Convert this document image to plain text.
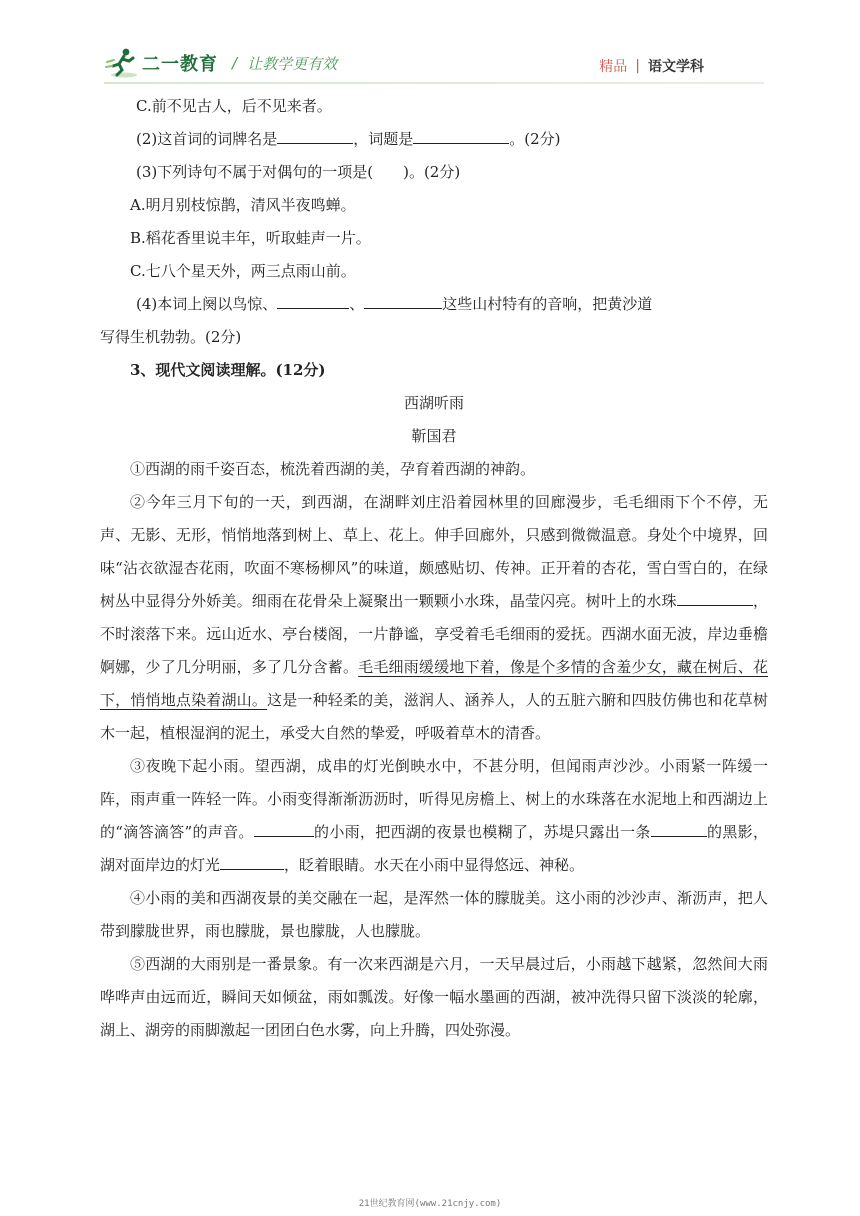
二一教育 / 让教学更有效	精品 | 语文学科
C.前不见古人，后不见来者。
(2)这首词的词牌名是	，词题是	。(2分)
(3)下列诗句不属于对偶句的一项是(　　)。(2分)
A.明月别枝惊鹊，清风半夜鸣蝉。
B.稻花香里说丰年，听取蛙声一片。
C.七八个星天外，两三点雨山前。
(4)本词上阕以鸟惊、	、	这些山村特有的音响，把黄沙道
写得生机勃勃。(2分)
3、现代文阅读理解。(12分)
西湖听雨
靳国君
①西湖的雨千姿百态，梳洗着西湖的美，孕育着西湖的神韵。
②今年三月下旬的一天，到西湖，在湖畔刘庄沿着园林里的回廊漫步，毛毛细雨下个不停，无声、无影、无形，悄悄地落到树上、草上、花上。伸手回廊外，只感到微微温意。身处个中境界，回味“沾衣欲湿杏花雨，吹面不寒杨柳风”的味道，颇感贴切、传神。正开着的杏花，雪白雪白的，在绿树丛中显得分外娇美。细雨在花骨朵上凝聚出一颗颗小水珠，晶莹闪亮。树叶上的水珠	，不时滚落下来。远山近水、亭台楼阁，一片静谧，享受着毛毛细雨的爱抚。西湖水面无波，岸边垂檐婀娜，少了几分明丽，多了几分含蓄。毛毛细雨缓缓地下着，像是个多情的含羞少女，藏在树后、花下，悄悄地点染着湖山。这是一种轻柔的美，滋润人、涵养人，人的五脏六腑和四肢仿佛也和花草树木一起，植根湿润的泥土，承受大自然的挚爱，呼吸着草木的清香。
③夜晚下起小雨。望西湖，成串的灯光倒映水中，不甚分明，但闻雨声沙沙。小雨紧一阵缓一阵，雨声重一阵轻一阵。小雨变得渐渐沥沥时，听得见房檐上、树上的水珠落在水泥地上和西湖边上的“滴答滴答”的声音。	的小雨，把西湖的夜景也模糊了，苏堤只露出一条	的黑影，湖对面岸边的灯光	，眨着眼睛。水天在小雨中显得悠远、神秘。
④小雨的美和西湖夜景的美交融在一起，是浑然一体的朦胧美。这小雨的沙沙声、渐沥声，把人带到朦胧世界，雨也朦胧，景也朦胧，人也朦胧。
⑤西湖的大雨别是一番景象。有一次来西湖是六月，一天早晨过后，小雨越下越紧，忽然间大雨哗哗声由远而近，瞬间天如倾盆，雨如瓢泼。好像一幅水墨画的西湖，被冲洗得只留下淡淡的轮廓，湖上、湖旁的雨脚激起一团团白色水雾，向上升腾，四处弥漫。
21世纪教育网(www.21cnjy.com)
